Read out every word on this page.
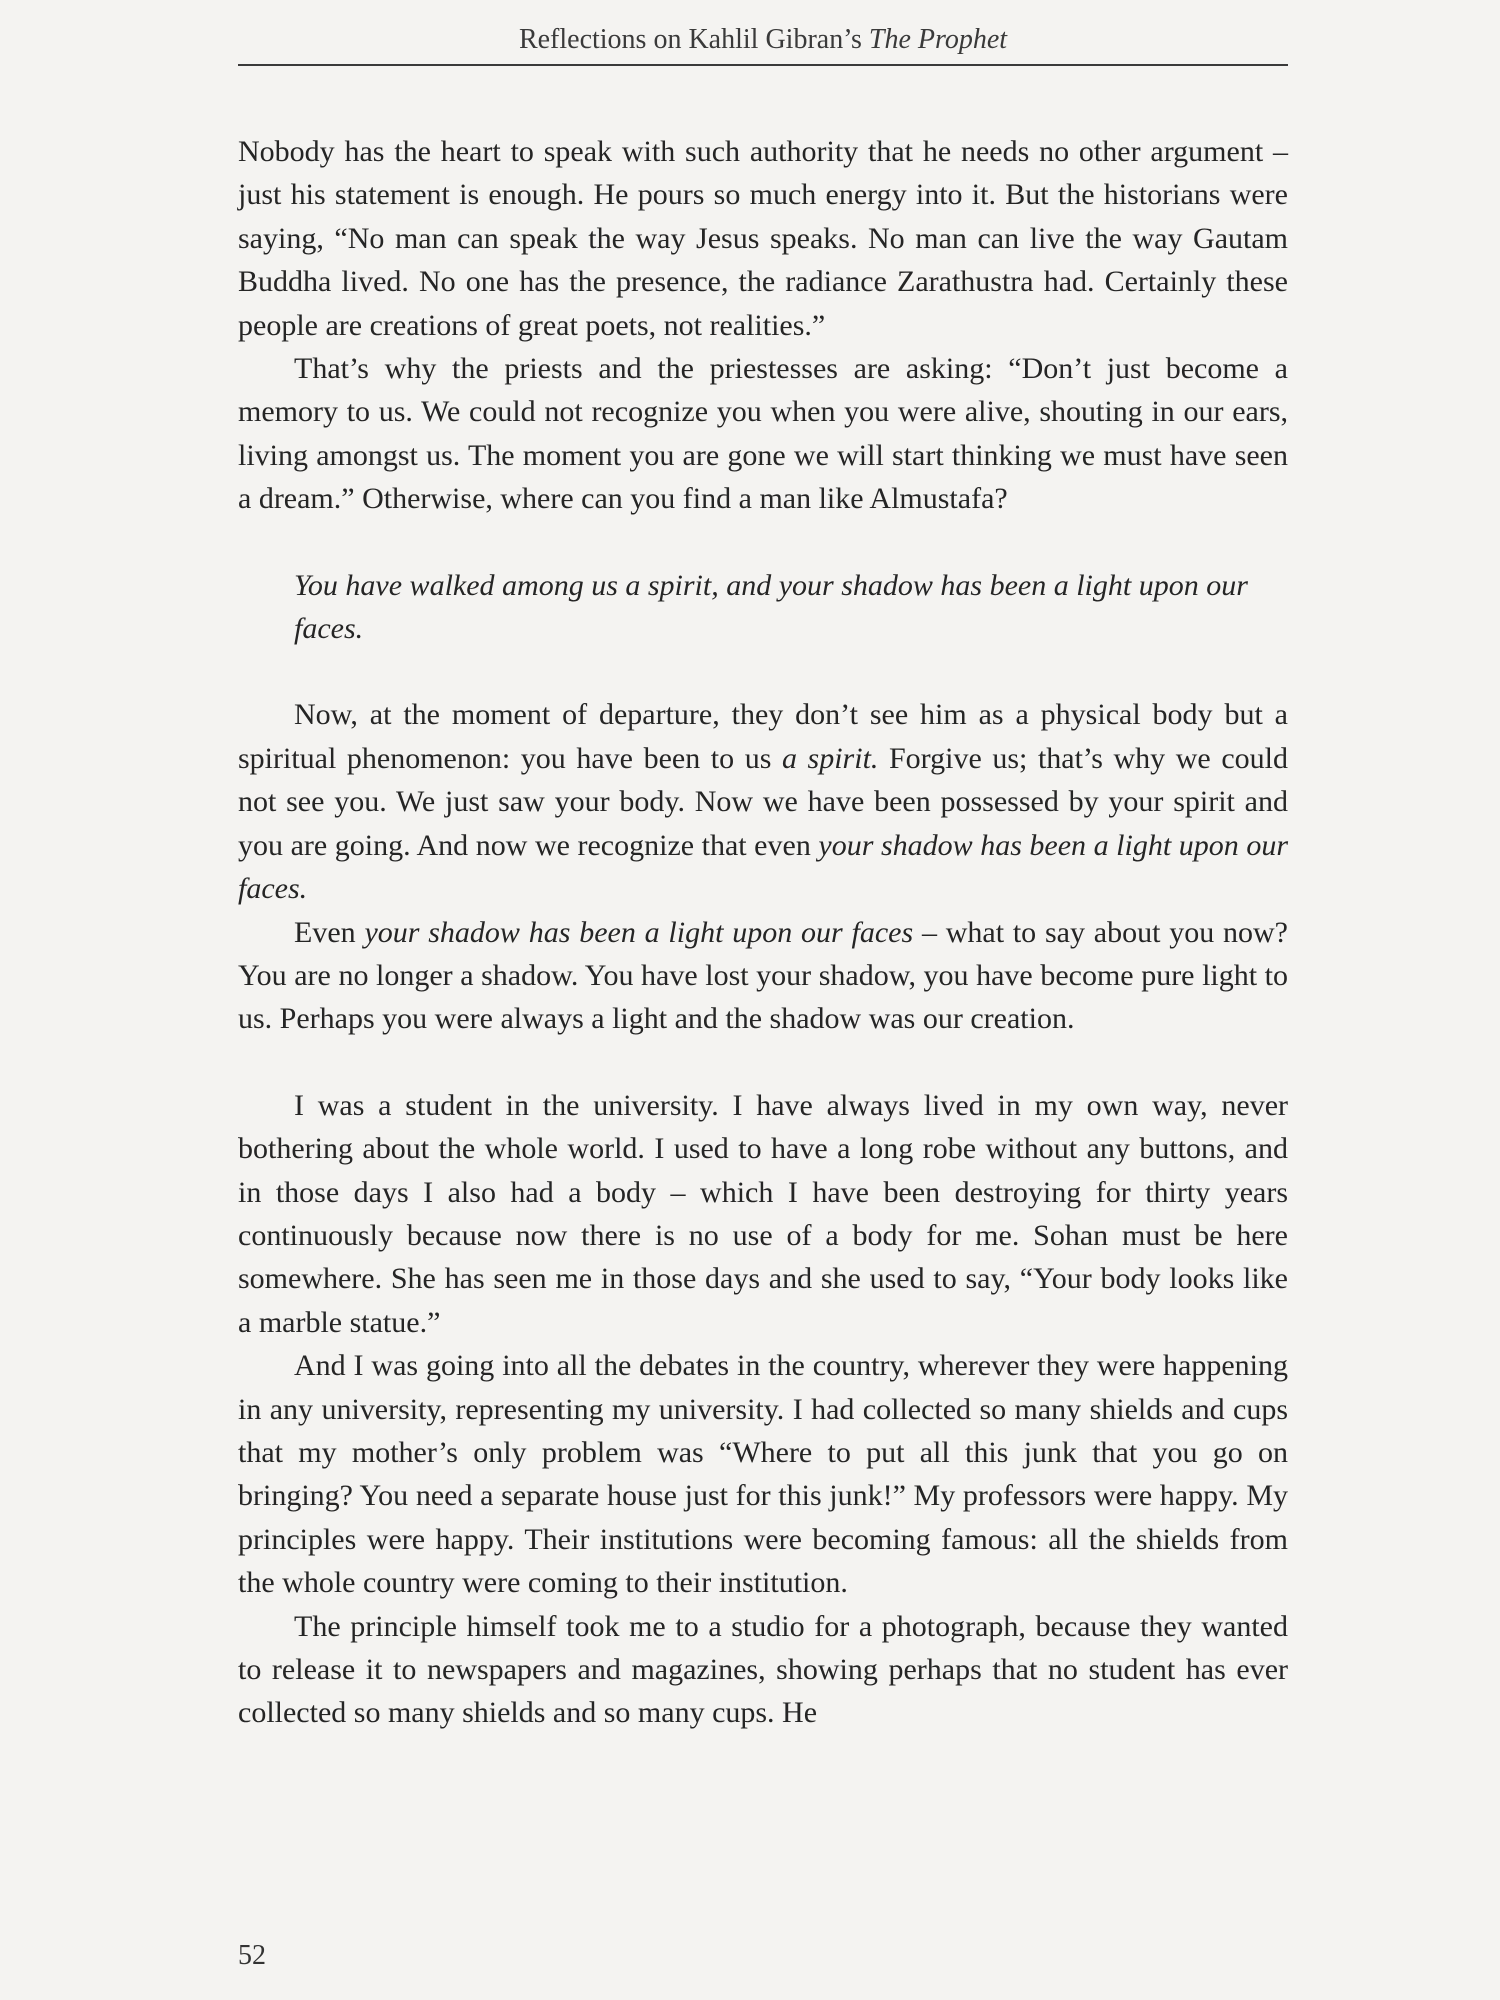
Reflections on Kahlil Gibran’s The Prophet

Nobody has the heart to speak with such authority that he needs no other argument – just his statement is enough. He pours so much energy into it. But the historians were saying, “No man can speak the way Jesus speaks. No man can live the way Gautam Buddha lived. No one has the presence, the radiance Zarathustra had. Certainly these people are creations of great poets, not realities.”

That’s why the priests and the priestesses are asking: “Don’t just become a memory to us. We could not recognize you when you were alive, shouting in our ears, living amongst us. The moment you are gone we will start thinking we must have seen a dream.” Otherwise, where can you find a man like Almustafa?

You have walked among us a spirit, and your shadow has been a light upon our faces.

Now, at the moment of departure, they don’t see him as a physical body but a spiritual phenomenon: you have been to us a spirit. Forgive us; that’s why we could not see you. We just saw your body. Now we have been possessed by your spirit and you are going. And now we recognize that even your shadow has been a light upon our faces.

Even your shadow has been a light upon our faces – what to say about you now? You are no longer a shadow. You have lost your shadow, you have become pure light to us. Perhaps you were always a light and the shadow was our creation.

I was a student in the university. I have always lived in my own way, never bothering about the whole world. I used to have a long robe without any buttons, and in those days I also had a body – which I have been destroying for thirty years continuously because now there is no use of a body for me. Sohan must be here somewhere. She has seen me in those days and she used to say, “Your body looks like a marble statue.”

And I was going into all the debates in the country, wherever they were happening in any university, representing my university. I had collected so many shields and cups that my mother’s only problem was “Where to put all this junk that you go on bringing? You need a separate house just for this junk!” My professors were happy. My principles were happy. Their institutions were becoming famous: all the shields from the whole country were coming to their institution.

The principle himself took me to a studio for a photograph, because they wanted to release it to newspapers and magazines, showing perhaps that no student has ever collected so many shields and so many cups. He

52
